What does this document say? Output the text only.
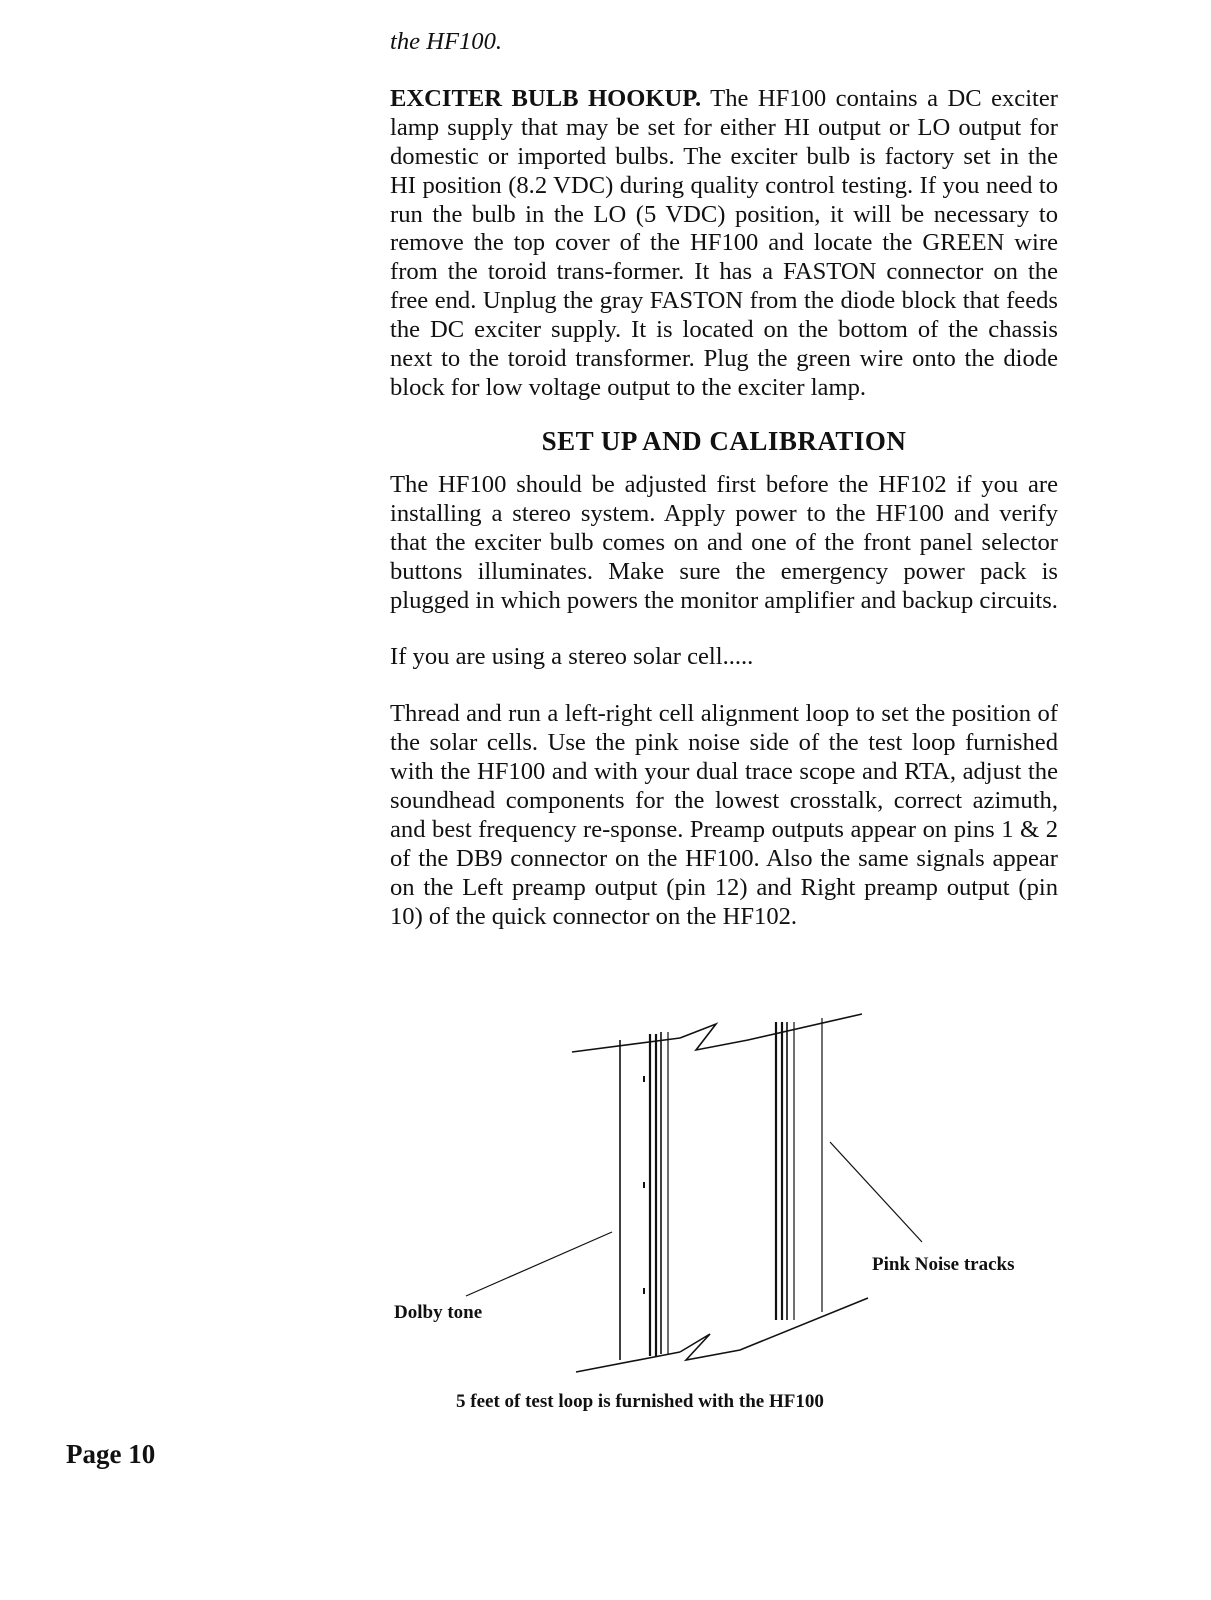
the HF100.

EXCITER BULB HOOKUP. The HF100 contains a DC exciter lamp supply that may be set for either HI output or LO output for domestic or imported bulbs. The exciter bulb is factory set in the HI position (8.2 VDC) during quality control testing. If you need to run the bulb in the LO (5 VDC) position, it will be necessary to remove the top cover of the HF100 and locate the GREEN wire from the toroid trans-former. It has a FASTON connector on the free end. Unplug the gray FASTON from the diode block that feeds the DC exciter supply. It is located on the bottom of the chassis next to the toroid transformer. Plug the green wire onto the diode block for low voltage output to the exciter lamp.

SET UP AND CALIBRATION

The HF100 should be adjusted first before the HF102 if you are installing a stereo system. Apply power to the HF100 and verify that the exciter bulb comes on and one of the front panel selector buttons illuminates. Make sure the emergency power pack is plugged in which powers the monitor amplifier and backup circuits.

If you are using a stereo solar cell.....

Thread and run a left-right cell alignment loop to set the position of the solar cells. Use the pink noise side of the test loop furnished with the HF100 and with your dual trace scope and RTA, adjust the soundhead components for the lowest crosstalk, correct azimuth, and best frequency re-sponse. Preamp outputs appear on pins 1 & 2 of the DB9 connector on the HF100. Also the same signals appear on the Left preamp output (pin 12) and Right preamp output (pin 10) of the quick connector on the HF102.

Pink Noise tracks
Dolby tone
5 feet of test loop is furnished with the HF100
Page 10
